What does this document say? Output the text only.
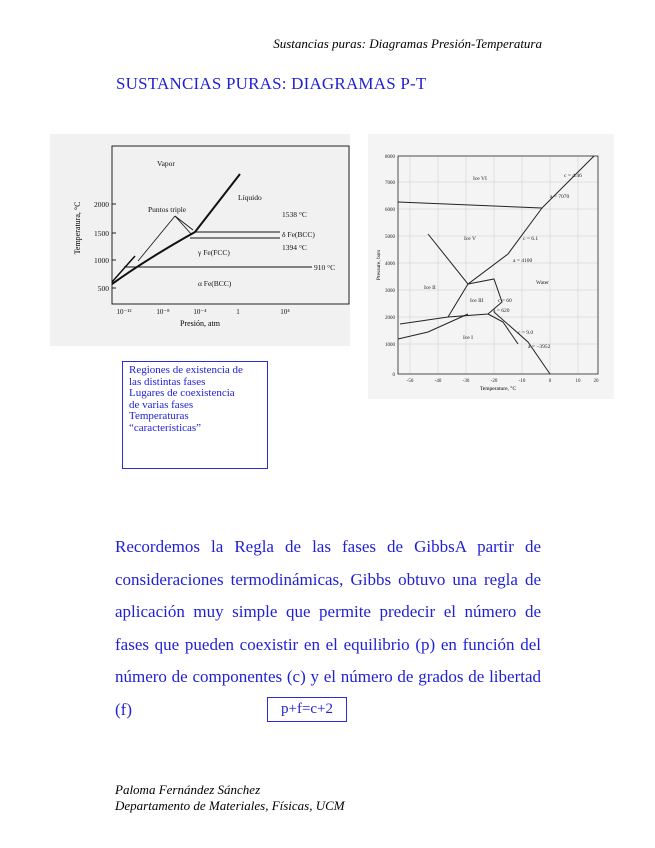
Sustancias puras: Diagramas Presión-Temperatura
SUSTANCIAS PURAS: DIAGRAMAS P-T
2000
1500
1000
500
10⁻¹²	10⁻⁸	10⁻⁴	1	10⁴
Presión, atm
Temperatura, °C
Vapor
Líquido
Puntos triple
1538 °C
δ Fe(BCC)
1394 °C
γ Fe(FCC)
910 °C
α Fe(BCC)
8000
7000
6000
5000
4000
3000
2000
1000
0
-50	-40	-30	-20	-10	0	10	20
Temperature, °C
Pressure, bars
Ice VI
Ice V
Ice II
Ice III
Ice I
Water
c = 4.46
a = 7070
c = 6.1
a = 4100
c = 60
a = 620
c = 9.0
a = −3952
Regiones de existencia de
las distintas fases
Lugares de coexistencia
de varias fases
Temperaturas
“características”
Recordemos la Regla de las fases de GibbsA partir de consideraciones termodinámicas, Gibbs obtuvo una regla de aplicación muy simple que permite predecir el número de fases que pueden coexistir en el equilibrio (p) en función del número de componentes (c) y el número de grados de libertad (f)	p+f=c+2
Paloma Fernández Sánchez
Departamento de Materiales, Físicas, UCM
